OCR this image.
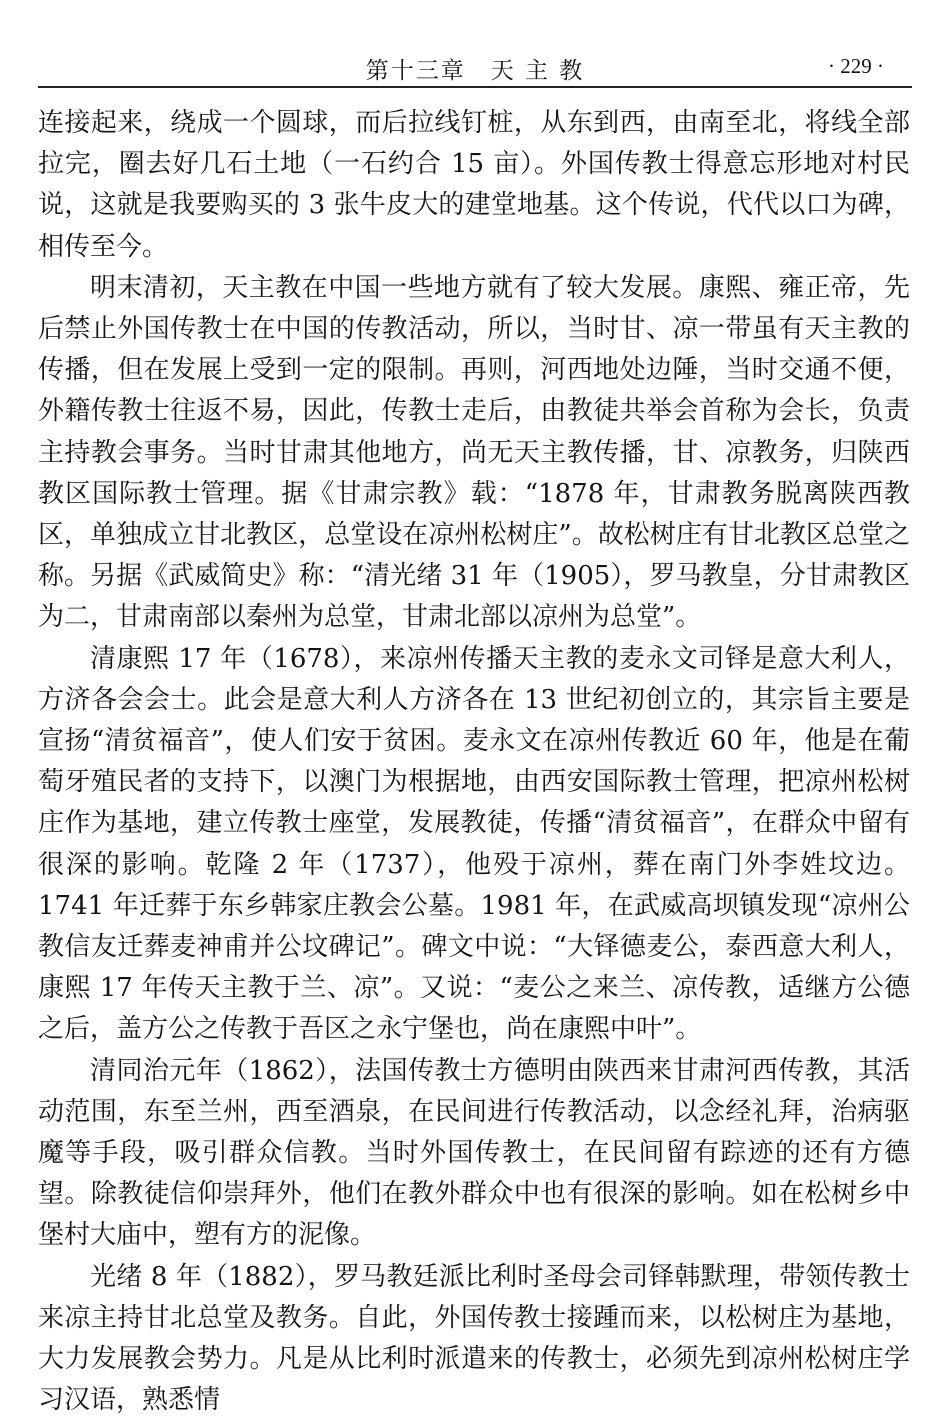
第十三章　天 主 教	· 229 ·

连接起来，绕成一个圆球，而后拉线钉桩，从东到西，由南至北，将线全部拉完，圈去好几石土地（一石约合 15 亩）。外国传教士得意忘形地对村民说，这就是我要购买的 3 张牛皮大的建堂地基。这个传说，代代以口为碑，相传至今。

明末清初，天主教在中国一些地方就有了较大发展。康熙、雍正帝，先后禁止外国传教士在中国的传教活动，所以，当时甘、凉一带虽有天主教的传播，但在发展上受到一定的限制。再则，河西地处边陲，当时交通不便，外籍传教士往返不易，因此，传教士走后，由教徒共举会首称为会长，负责主持教会事务。当时甘肃其他地方，尚无天主教传播，甘、凉教务，归陕西教区国际教士管理。据《甘肃宗教》载：“1878 年，甘肃教务脱离陕西教区，单独成立甘北教区，总堂设在凉州松树庄”。故松树庄有甘北教区总堂之称。另据《武威简史》称：“清光绪 31 年（1905），罗马教皇，分甘肃教区为二，甘肃南部以秦州为总堂，甘肃北部以凉州为总堂”。

清康熙 17 年（1678），来凉州传播天主教的麦永文司铎是意大利人，方济各会会士。此会是意大利人方济各在 13 世纪初创立的，其宗旨主要是宣扬“清贫福音”，使人们安于贫困。麦永文在凉州传教近 60 年，他是在葡萄牙殖民者的支持下，以澳门为根据地，由西安国际教士管理，把凉州松树庄作为基地，建立传教士座堂，发展教徒，传播“清贫福音”，在群众中留有很深的影响。乾隆 2 年（1737），他殁于凉州，葬在南门外李姓坟边。1741 年迁葬于东乡韩家庄教会公墓。1981 年，在武威高坝镇发现“凉州公教信友迁葬麦神甫并公坟碑记”。碑文中说：“大铎德麦公，泰西意大利人，康熙 17 年传天主教于兰、凉”。又说：“麦公之来兰、凉传教，适继方公德之后，盖方公之传教于吾区之永宁堡也，尚在康熙中叶”。

清同治元年（1862），法国传教士方德明由陕西来甘肃河西传教，其活动范围，东至兰州，西至酒泉，在民间进行传教活动，以念经礼拜，治病驱魔等手段，吸引群众信教。当时外国传教士，在民间留有踪迹的还有方德望。除教徒信仰崇拜外，他们在教外群众中也有很深的影响。如在松树乡中堡村大庙中，塑有方的泥像。

光绪 8 年（1882），罗马教廷派比利时圣母会司铎韩默理，带领传教士来凉主持甘北总堂及教务。自此，外国传教士接踵而来，以松树庄为基地，大力发展教会势力。凡是从比利时派遣来的传教士，必须先到凉州松树庄学习汉语，熟悉情
